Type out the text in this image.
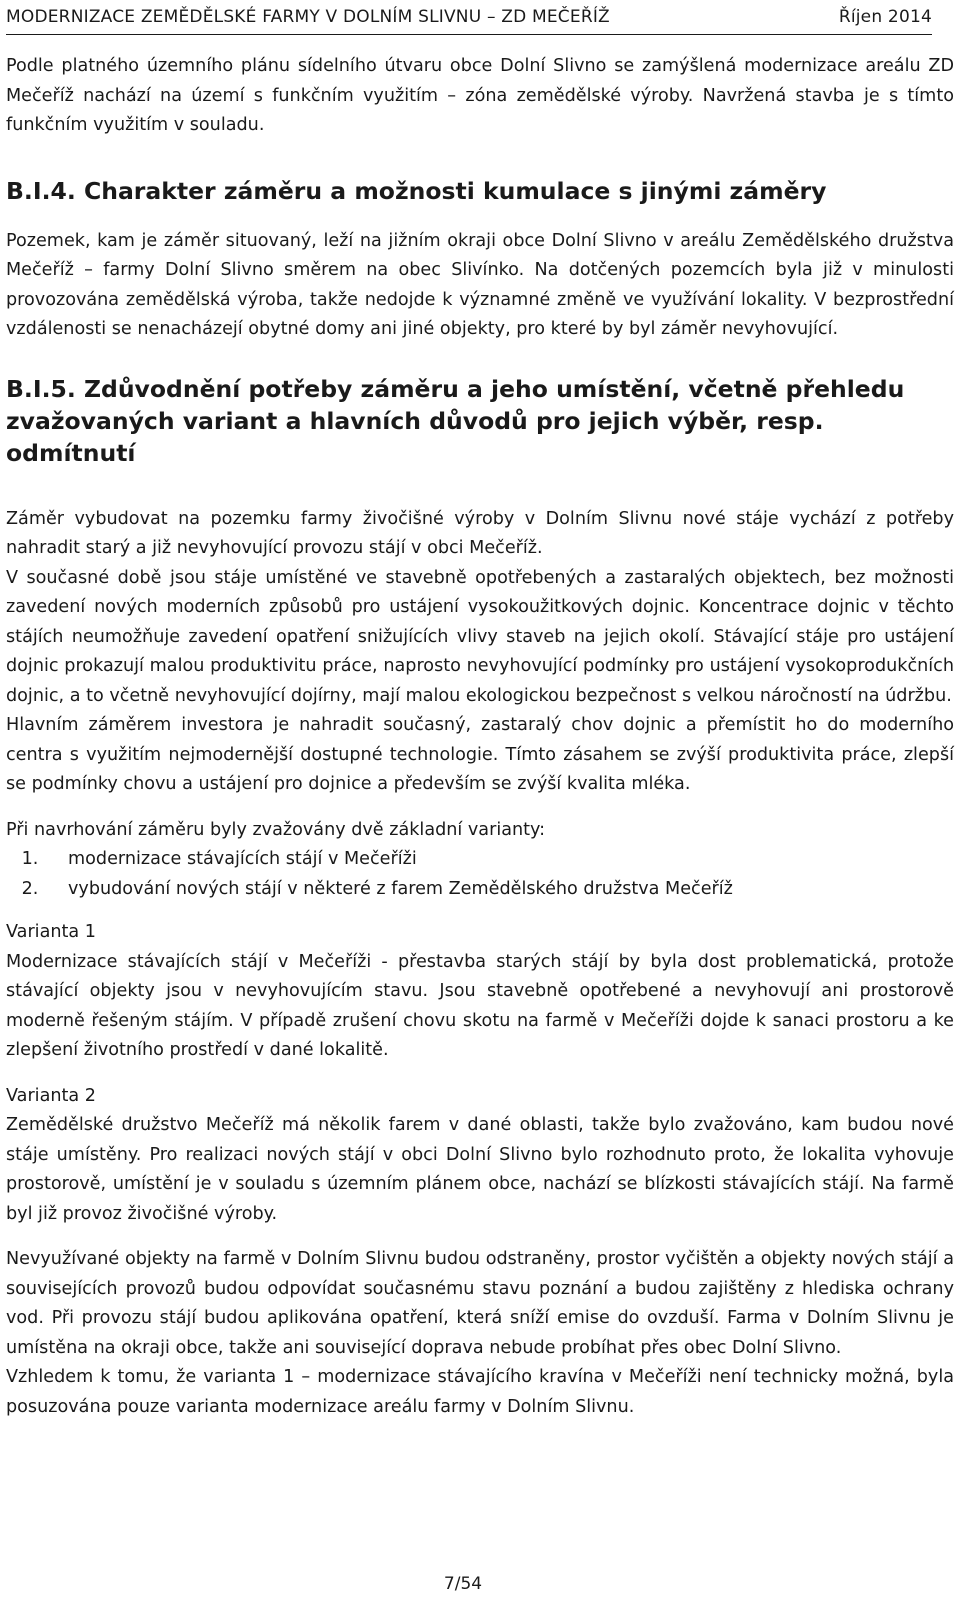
MODERNIZACE ZEMĚDĚLSKÉ FARMY V DOLNÍM SLIVNU – ZD MEČEŘÍŽ	Říjen 2014

Podle platného územního plánu sídelního útvaru obce Dolní Slivno se zamýšlená modernizace areálu ZD Mečeříž nachází na území s funkčním využitím – zóna zemědělské výroby. Navržená stavba je s tímto funkčním využitím v souladu.

B.I.4. Charakter záměru a možnosti kumulace s jinými záměry

Pozemek, kam je záměr situovaný, leží na jižním okraji obce Dolní Slivno v areálu Zemědělského družstva Mečeříž – farmy Dolní Slivno směrem na obec Slivínko. Na dotčených pozemcích byla již v minulosti provozována zemědělská výroba, takže nedojde k významné změně ve využívání lokality. V bezprostřední vzdálenosti se nenacházejí obytné domy ani jiné objekty, pro které by byl záměr nevyhovující.

B.I.5. Zdůvodnění potřeby záměru a jeho umístění, včetně přehledu zvažovaných variant a hlavních důvodů pro jejich výběr, resp. odmítnutí

Záměr vybudovat na pozemku farmy živočišné výroby v Dolním Slivnu nové stáje vychází z potřeby nahradit starý a již nevyhovující provozu stájí v obci Mečeříž.

V současné době jsou stáje umístěné ve stavebně opotřebených a zastaralých objektech, bez možnosti zavedení nových moderních způsobů pro ustájení vysokoužitkových dojnic. Koncentrace dojnic v těchto stájích neumožňuje zavedení opatření snižujících vlivy staveb na jejich okolí. Stávající stáje pro ustájení dojnic prokazují malou produktivitu práce, naprosto nevyhovující podmínky pro ustájení vysokoprodukčních dojnic, a to včetně nevyhovující dojírny, mají malou ekologickou bezpečnost s velkou náročností na údržbu.

Hlavním záměrem investora je nahradit současný, zastaralý chov dojnic a přemístit ho do moderního centra s využitím nejmodernější dostupné technologie. Tímto zásahem se zvýší produktivita práce, zlepší se podmínky chovu a ustájení pro dojnice a především se zvýší kvalita mléka.

Při navrhování záměru byly zvažovány dvě základní varianty:

1. modernizace stávajících stájí v Mečeříži
2. vybudování nových stájí v některé z farem Zemědělského družstva Mečeříž

Varianta 1

Modernizace stávajících stájí v Mečeříži - přestavba starých stájí by byla dost problematická, protože stávající objekty jsou v nevyhovujícím stavu. Jsou stavebně opotřebené a nevyhovují ani prostorově moderně řešeným stájím. V případě zrušení chovu skotu na farmě v Mečeříži dojde k sanaci prostoru a ke zlepšení životního prostředí v dané lokalitě.

Varianta 2

Zemědělské družstvo Mečeříž má několik farem v dané oblasti, takže bylo zvažováno, kam budou nové stáje umístěny. Pro realizaci nových stájí v obci Dolní Slivno bylo rozhodnuto proto, že lokalita vyhovuje prostorově, umístění je v souladu s územním plánem obce, nachází se blízkosti stávajících stájí. Na farmě byl již provoz živočišné výroby.

Nevyužívané objekty na farmě v Dolním Slivnu budou odstraněny, prostor vyčištěn a objekty nových stájí a souvisejících provozů budou odpovídat současnému stavu poznání a budou zajištěny z hlediska ochrany vod. Při provozu stájí budou aplikována opatření, která sníží emise do ovzduší. Farma v Dolním Slivnu je umístěna na okraji obce, takže ani související doprava nebude probíhat přes obec Dolní Slivno.

Vzhledem k tomu, že varianta 1 – modernizace stávajícího kravína v Mečeříži není technicky možná, byla posuzována pouze varianta modernizace areálu farmy v Dolním Slivnu.

7/54
